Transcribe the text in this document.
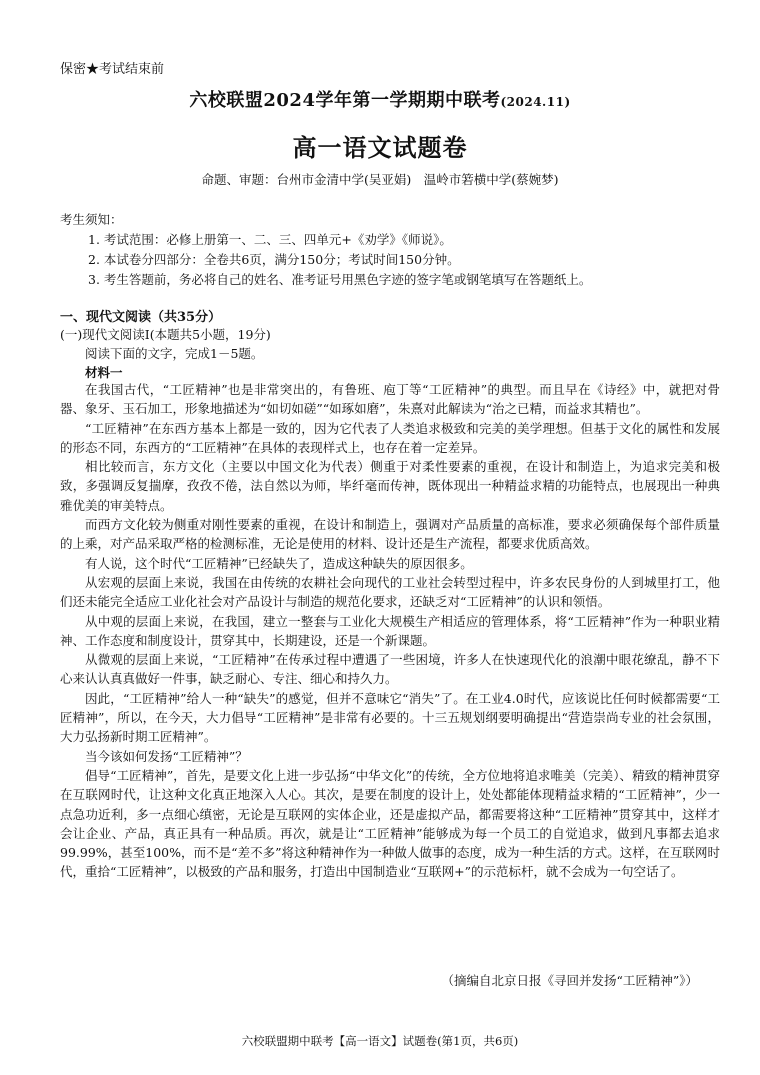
保密★考试结束前
六校联盟2024学年第一学期期中联考(2024.11)
高一语文试题卷
命题、审题：台州市金清中学(吴亚娟)　温岭市箬横中学(蔡婉梦)
考生须知：
1. 考试范围：必修上册第一、二、三、四单元+《劝学》《师说》。
2. 本试卷分四部分：全卷共6页，满分150分；考试时间150分钟。
3. 考生答题前，务必将自己的姓名、准考证号用黑色字迹的签字笔或钢笔填写在答题纸上。
一、现代文阅读（共35分）
(一)现代文阅读Ⅰ(本题共5小题，19分)
阅读下面的文字，完成1－5题。
材料一

在我国古代，“工匠精神”也是非常突出的，有鲁班、庖丁等“工匠精神”的典型。而且早在《诗经》中，就把对骨器、象牙、玉石加工，形象地描述为“如切如磋”“如琢如磨”，朱熹对此解读为“治之已精，而益求其精也”。

“工匠精神”在东西方基本上都是一致的，因为它代表了人类追求极致和完美的美学理想。但基于文化的属性和发展的形态不同，东西方的“工匠精神”在具体的表现样式上，也存在着一定差异。

相比较而言，东方文化（主要以中国文化为代表）侧重于对柔性要素的重视，在设计和制造上，为追求完美和极致，多强调反复揣摩，孜孜不倦，法自然以为师，毕纤毫而传神，既体现出一种精益求精的功能特点，也展现出一种典雅优美的审美特点。

而西方文化较为侧重对刚性要素的重视，在设计和制造上，强调对产品质量的高标准，要求必须确保每个部件质量的上乘，对产品采取严格的检测标准，无论是使用的材料、设计还是生产流程，都要求优质高效。

有人说，这个时代“工匠精神”已经缺失了，造成这种缺失的原因很多。

从宏观的层面上来说，我国在由传统的农耕社会向现代的工业社会转型过程中，许多农民身份的人到城里打工，他们还未能完全适应工业化社会对产品设计与制造的规范化要求，还缺乏对“工匠精神”的认识和领悟。

从中观的层面上来说，在我国，建立一整套与工业化大规模生产相适应的管理体系，将“工匠精神”作为一种职业精神、工作态度和制度设计，贯穿其中，长期建设，还是一个新课题。

从微观的层面上来说，“工匠精神”在传承过程中遭遇了一些困境，许多人在快速现代化的浪潮中眼花缭乱，静不下心来认认真真做好一件事，缺乏耐心、专注、细心和持久力。

因此，“工匠精神”给人一种“缺失”的感觉，但并不意味它“消失”了。在工业4.0时代，应该说比任何时候都需要“工匠精神”，所以，在今天，大力倡导“工匠精神”是非常有必要的。十三五规划纲要明确提出“营造崇尚专业的社会氛围，大力弘扬新时期工匠精神”。

当今该如何发扬“工匠精神”？

倡导“工匠精神”，首先，是要文化上进一步弘扬“中华文化”的传统，全方位地将追求唯美（完美）、精致的精神贯穿在互联网时代，让这种文化真正地深入人心。其次，是要在制度的设计上，处处都能体现精益求精的“工匠精神”，少一点急功近利，多一点细心缜密，无论是互联网的实体企业，还是虚拟产品，都需要将这种“工匠精神”贯穿其中，这样才会让企业、产品，真正具有一种品质。再次，就是让“工匠精神”能够成为每一个员工的自觉追求，做到凡事都去追求99.99%，甚至100%，而不是“差不多”将这种精神作为一种做人做事的态度，成为一种生活的方式。这样，在互联网时代，重拾“工匠精神”，以极致的产品和服务，打造出中国制造业“互联网+”的示范标杆，就不会成为一句空话了。

（摘编自北京日报《寻回并发扬“工匠精神”》）
六校联盟期中联考【高一语文】试题卷(第1页，共6页)
